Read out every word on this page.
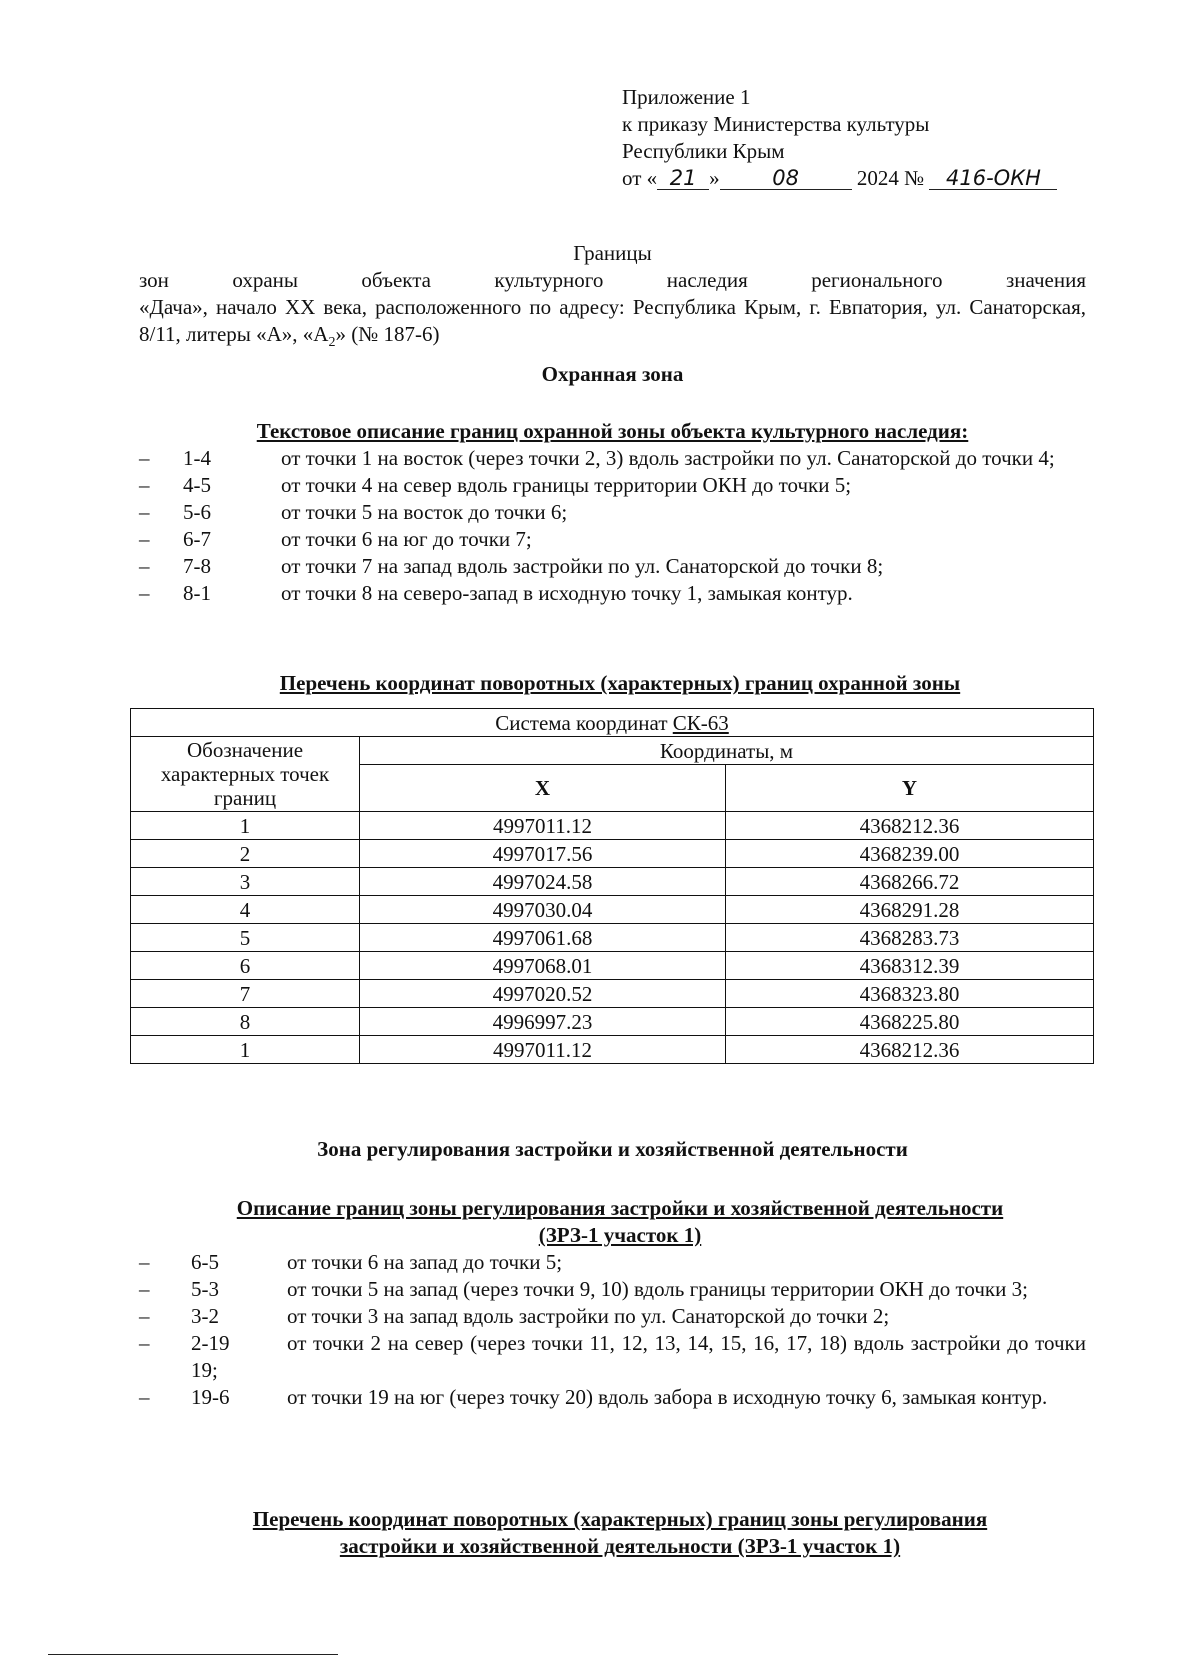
Приложение 1
к приказу Министерства культуры
Республики Крым
от « 21 »	08	2024 № 416-ОКН
Границы
зон охраны объекта культурного наследия регионального значения
«Дача», начало XX века, расположенного по адресу: Республика Крым, г. Евпатория, ул. Санаторская, 8/11, литеры «А», «$А_2$» (№ 187-6)
Охранная зона
Текстовое описание границ охранной зоны объекта культурного наследия:
– 1-4	от точки 1 на восток (через точки 2, 3) вдоль застройки по ул. Санаторской до точки 4;
– 4-5	от точки 4 на север вдоль границы территории ОКН до точки 5;
– 5-6	от точки 5 на восток до точки 6;
– 6-7	от точки 6 на юг до точки 7;
– 7-8	от точки 7 на запад вдоль застройки по ул. Санаторской до точки 8;
– 8-1	от точки 8 на северо-запад в исходную точку 1, замыкая контур.
Перечень координат поворотных (характерных) границ охранной зоны
Система координат СК-63		
Обозначение характерных точек границ	Координаты, м	
	X	Y
1	4997011.12	4368212.36
2	4997017.56	4368239.00
3	4997024.58	4368266.72
4	4997030.04	4368291.28
5	4997061.68	4368283.73
6	4997068.01	4368312.39
7	4997020.52	4368323.80
8	4996997.23	4368225.80
1	4997011.12	4368212.36
Зона регулирования застройки и хозяйственной деятельности
Описание границ зоны регулирования застройки и хозяйственной деятельности
(ЗРЗ-1 участок 1)
– 6-5	от точки 6 на запад до точки 5;
– 5-3	от точки 5 на запад (через точки 9, 10) вдоль границы территории ОКН до точки 3;
– 3-2	от точки 3 на запад вдоль застройки по ул. Санаторской до точки 2;
– 2-19	от точки 2 на север (через точки 11, 12, 13, 14, 15, 16, 17, 18) вдоль застройки до точки 19;
– 19-6	от точки 19 на юг (через точку 20) вдоль забора в исходную точку 6, замыкая контур.
Перечень координат поворотных (характерных) границ зоны регулирования
застройки и хозяйственной деятельности (ЗРЗ-1 участок 1)
